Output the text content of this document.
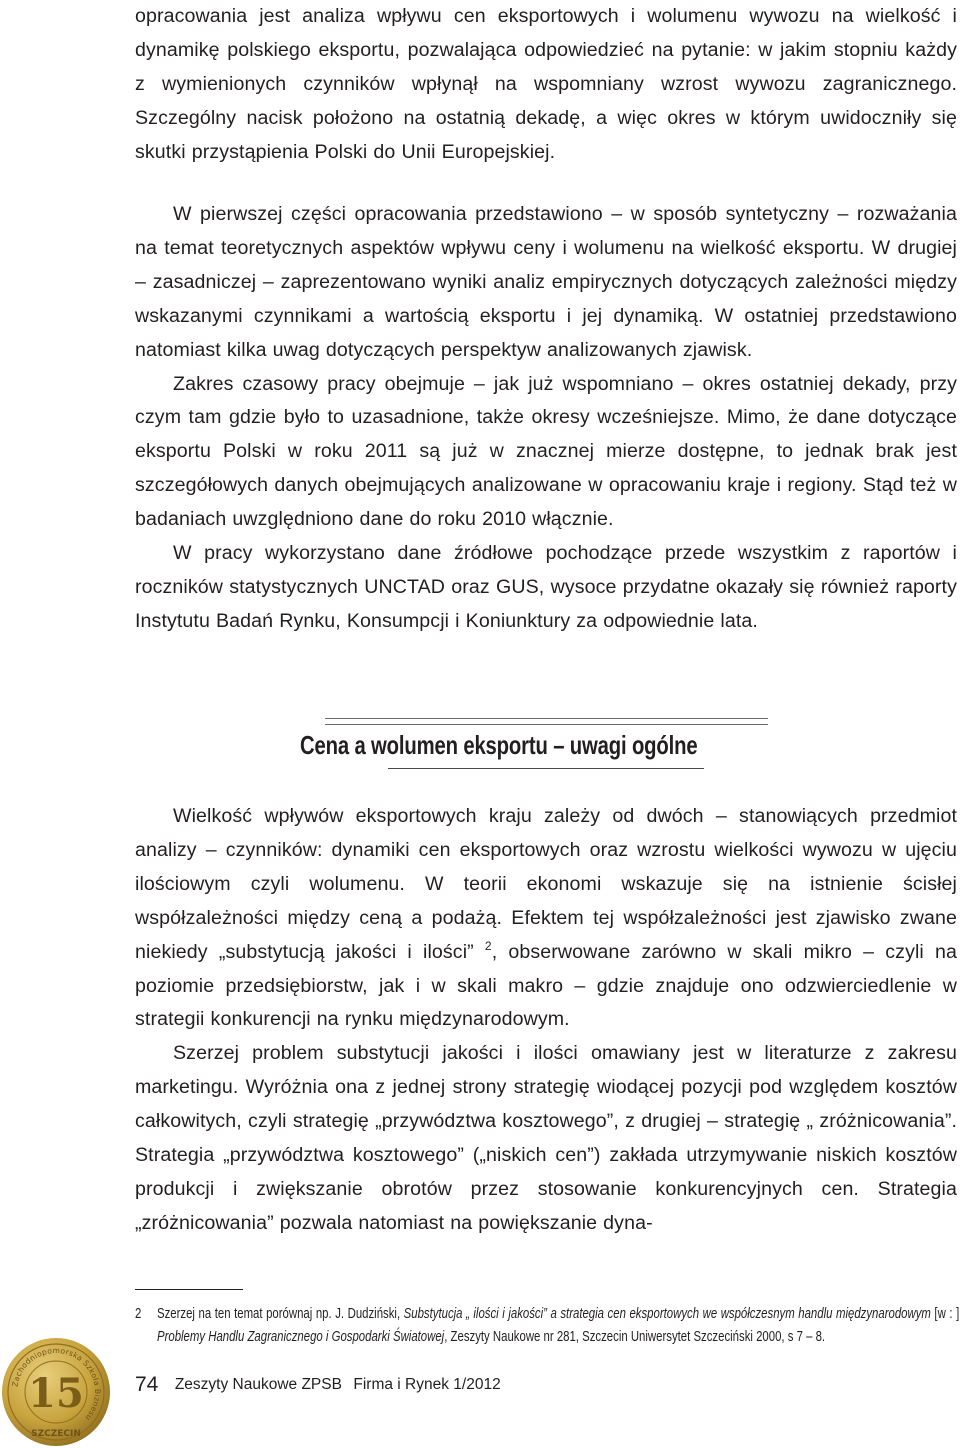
opracowania jest analiza wpływu cen eksportowych i wolumenu wywozu na wielkość i dynamikę polskiego eksportu, pozwalająca odpowiedzieć na pytanie: w jakim stopniu każdy z wymienionych czynników wpłynął na wspomniany wzrost wywozu zagranicznego. Szczególny nacisk położono na ostatnią dekadę, a więc okres w którym uwidoczniły się skutki przystąpienia Polski do Unii Europejskiej.

W pierwszej części opracowania przedstawiono – w sposób syntetyczny – rozważania na temat teoretycznych aspektów wpływu ceny i wolumenu na wielkość eksportu. W drugiej – zasadniczej – zaprezentowano wyniki analiz empirycznych dotyczących zależności między wskazanymi czynnikami a wartością eksportu i jej dynamiką. W ostatniej przedstawiono natomiast kilka uwag dotyczących perspektyw analizowanych zjawisk.

Zakres czasowy pracy obejmuje – jak już wspomniano – okres ostatniej dekady, przy czym tam gdzie było to uzasadnione, także okresy wcześniejsze. Mimo, że dane dotyczące eksportu Polski w roku 2011 są już w znacznej mierze dostępne, to jednak brak jest szczegółowych danych obejmujących analizowane w opracowaniu kraje i regiony. Stąd też w badaniach uwzględniono dane do roku 2010 włącznie.

W pracy wykorzystano dane źródłowe pochodzące przede wszystkim z raportów i roczników statystycznych UNCTAD oraz GUS, wysoce przydatne okazały się również raporty Instytutu Badań Rynku, Konsumpcji i Koniunktury za odpowiednie lata.

Cena a wolumen eksportu – uwagi ogólne

Wielkość wpływów eksportowych kraju zależy od dwóch – stanowiących przedmiot analizy – czynników: dynamiki cen eksportowych oraz wzrostu wielkości wywozu w ujęciu ilościowym czyli wolumenu. W teorii ekonomi wskazuje się na istnienie ścisłej współzależności między ceną a podażą. Efektem tej współzależności jest zjawisko zwane niekiedy „substytucją jakości i ilości” $^2$, obserwowane zarówno w skali mikro – czyli na poziomie przedsiębiorstw, jak i w skali makro – gdzie znajduje ono odzwierciedlenie w strategii konkurencji na rynku międzynarodowym.

Szerzej problem substytucji jakości i ilości omawiany jest w literaturze z zakresu marketingu. Wyróżnia ona z jednej strony strategię wiodącej pozycji pod względem kosztów całkowitych, czyli strategię „przywództwa kosztowego”, z drugiej – strategię „ zróżnicowania”. Strategia „przywództwa kosztowego” („niskich cen”) zakłada utrzymywanie niskich kosztów produkcji i zwiększanie obrotów przez stosowanie konkurencyjnych cen. Strategia „zróżnicowania” pozwala natomiast na powiększanie dyna-

2 Szerzej na ten temat porównaj np. J. Dudziński, Substytucja „ ilości i jakości” a strategia cen eksportowych we współczesnym handlu międzynarodowym [w : ] Problemy Handlu Zagranicznego i Gospodarki Światowej, Zeszyty Naukowe nr 281, Szczecin Uniwersytet Szczeciński 2000, s 7 – 8.
Zachodniopomorska Szkoła Biznesu
15
SZCZECIN
74 Zeszyty Naukowe ZPSB Firma i Rynek 1/2012
